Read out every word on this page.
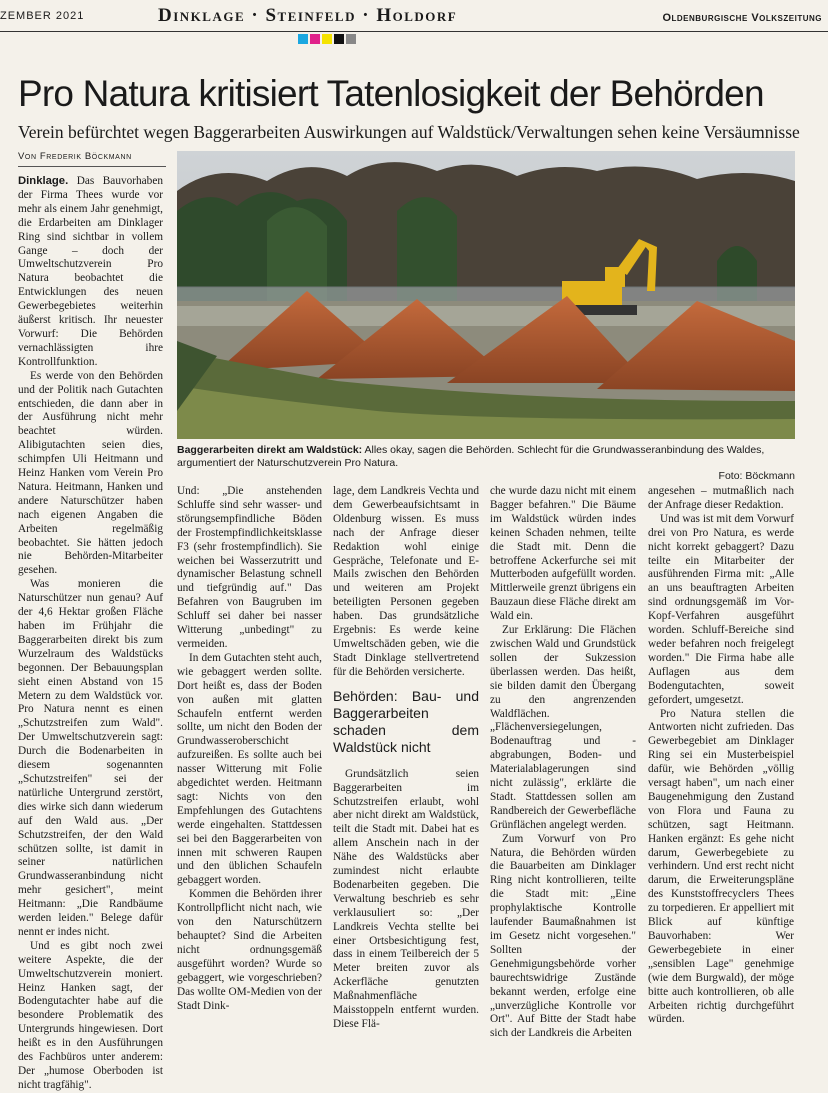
ZEMBER 2021	Dinklage · Steinfeld · Holdorf	Oldenburgische Volkszeitung
Pro Natura kritisiert Tatenlosigkeit der Behörden
Verein befürchtet wegen Baggerarbeiten Auswirkungen auf Waldstück/Verwaltungen sehen keine Versäumnisse
Von Frederik Böckmann

Dinklage. Das Bauvorhaben der Firma Thees wurde vor mehr als einem Jahr genehmigt, die Erdarbeiten am Dinklager Ring sind sichtbar in vollem Gange – doch der Umweltschutzverein Pro Natura beobachtet die Entwicklungen des neuen Gewerbegebietes weiterhin äußerst kritisch. Ihr neuester Vorwurf: Die Behörden vernachlässigten ihre Kontrollfunktion.

Es werde von den Behörden und der Politik nach Gutachten entschieden, die dann aber in der Ausführung nicht mehr beachtet würden. Alibigutachten seien dies, schimpfen Uli Heitmann und Heinz Hanken vom Verein Pro Natura. Heitmann, Hanken und andere Naturschützer haben nach eigenen Angaben die Arbeiten regelmäßig beobachtet. Sie hätten jedoch nie Behörden-Mitarbeiter gesehen.

Was monieren die Naturschützer nun genau? Auf der 4,6 Hektar großen Fläche haben im Frühjahr die Baggerarbeiten direkt bis zum Wurzelraum des Waldstücks begonnen. Der Bebauungsplan sieht einen Abstand von 15 Metern zu dem Waldstück vor. Pro Natura nennt es einen „Schutzstreifen zum Wald". Der Umweltschutzverein sagt: Durch die Bodenarbeiten in diesem sogenannten „Schutzstreifen" sei der natürliche Untergrund zerstört, dies wirke sich dann wiederum auf den Wald aus. „Der Schutzstreifen, der den Wald schützen sollte, ist damit in seiner natürlichen Grundwasseranbindung nicht mehr gesichert", meint Heitmann: „Die Randbäume werden leiden." Belege dafür nennt er indes nicht.

Und es gibt noch zwei weitere Aspekte, die der Umweltschutzverein moniert. Heinz Hanken sagt, der Bodengutachter habe auf die besondere Problematik des Untergrunds hingewiesen. Dort heißt es in den Ausführungen des Fachbüros unter anderem: Der „humose Oberboden ist nicht tragfähig".

Baggerarbeiten direkt am Waldstück: Alles okay, sagen die Behörden. Schlecht für die Grundwasseranbindung des Waldes, argumentiert der Naturschutzverein Pro Natura.
Foto: Böckmann

Und: „Die anstehenden Schluffe sind sehr wasser- und störungsempfindliche Böden der Frostempfindlichkeitsklasse F3 (sehr frostempfindlich). Sie weichen bei Wasserzutritt und dynamischer Belastung schnell und tiefgründig auf." Das Befahren von Baugruben im Schluff sei daher bei nasser Witterung „unbedingt" zu vermeiden.

In dem Gutachten steht auch, wie gebaggert werden sollte. Dort heißt es, dass der Boden von außen mit glatten Schaufeln entfernt werden sollte, um nicht den Boden der Grundwasseroberschicht aufzureißen. Es sollte auch bei nasser Witterung mit Folie abgedichtet werden. Heitmann sagt: Nichts von den Empfehlungen des Gutachtens werde eingehalten. Stattdessen sei bei den Baggerarbeiten von innen mit schweren Raupen und den üblichen Schaufeln gebaggert worden.

Kommen die Behörden ihrer Kontrollpflicht nicht nach, wie von den Naturschützern behauptet? Sind die Arbeiten nicht ordnungsgemäß ausgeführt worden? Wurde so gebaggert, wie vorgeschrieben? Das wollte OM-Medien von der Stadt Dink-

lage, dem Landkreis Vechta und dem Gewerbeaufsichtsamt in Oldenburg wissen. Es muss nach der Anfrage dieser Redaktion wohl einige Gespräche, Telefonate und E-Mails zwischen den Behörden und weiteren am Projekt beteiligten Personen gegeben haben. Das grundsätzliche Ergebnis: Es werde keine Umweltschäden geben, wie die Stadt Dinklage stellvertretend für die Behörden versicherte.

Behörden: Bau- und Baggerarbeiten schaden dem Waldstück nicht

Grundsätzlich seien Baggerarbeiten im Schutzstreifen erlaubt, wohl aber nicht direkt am Waldstück, teilt die Stadt mit. Dabei hat es allem Anschein nach in der Nähe des Waldstücks aber zumindest nicht erlaubte Bodenarbeiten gegeben. Die Verwaltung beschrieb es sehr verklausuliert so: „Der Landkreis Vechta stellte bei einer Ortsbesichtigung fest, dass in einem Teilbereich der 5 Meter breiten zuvor als Ackerfläche genutzten Maßnahmenfläche Maisstoppeln entfernt wurden. Diese Flä-

che wurde dazu nicht mit einem Bagger befahren." Die Bäume im Waldstück würden indes keinen Schaden nehmen, teilte die Stadt mit. Denn die betroffene Ackerfurche sei mit Mutterboden aufgefüllt worden. Mittlerweile grenzt übrigens ein Bauzaun diese Fläche direkt am Wald ein.

Zur Erklärung: Die Flächen zwischen Wald und Grundstück sollen der Sukzession überlassen werden. Das heißt, sie bilden damit den Übergang zu den angrenzenden Waldflächen. „Flächenversiegelungen, Bodenauftrag und -abgrabungen, Boden- und Materialablagerungen sind nicht zulässig", erklärte die Stadt. Stattdessen sollen am Randbereich der Gewerbefläche Grünflächen angelegt werden.

Zum Vorwurf von Pro Natura, die Behörden würden die Bauarbeiten am Dinklager Ring nicht kontrollieren, teilte die Stadt mit: „Eine prophylaktische Kontrolle laufender Baumaßnahmen ist im Gesetz nicht vorgesehen." Sollten der Genehmigungsbehörde vorher baurechtswidrige Zustände bekannt werden, erfolge eine „unverzügliche Kontrolle vor Ort". Auf Bitte der Stadt habe sich der Landkreis die Arbeiten

angesehen – mutmaßlich nach der Anfrage dieser Redaktion.

Und was ist mit dem Vorwurf drei von Pro Natura, es werde nicht korrekt gebaggert? Dazu teilte ein Mitarbeiter der ausführenden Firma mit: „Alle an uns beauftragten Arbeiten sind ordnungsgemäß im Vor-Kopf-Verfahren ausgeführt worden. Schluff-Bereiche sind weder befahren noch freigelegt worden." Die Firma habe alle Auflagen aus dem Bodengutachten, soweit gefordert, umgesetzt.

Pro Natura stellen die Antworten nicht zufrieden. Das Gewerbegebiet am Dinklager Ring sei ein Musterbeispiel dafür, wie Behörden „völlig versagt haben", um nach einer Baugenehmigung den Zustand von Flora und Fauna zu schützen, sagt Heitmann. Hanken ergänzt: Es gehe nicht darum, Gewerbegebiete zu verhindern. Und erst recht nicht darum, die Erweiterungspläne des Kunststoffrecyclers Thees zu torpedieren. Er appelliert mit Blick auf künftige Bauvorhaben: Wer Gewerbegebiete in einer „sensiblen Lage" genehmige (wie dem Burgwald), der möge bitte auch kontrollieren, ob alle Arbeiten richtig durchgeführt würden.
